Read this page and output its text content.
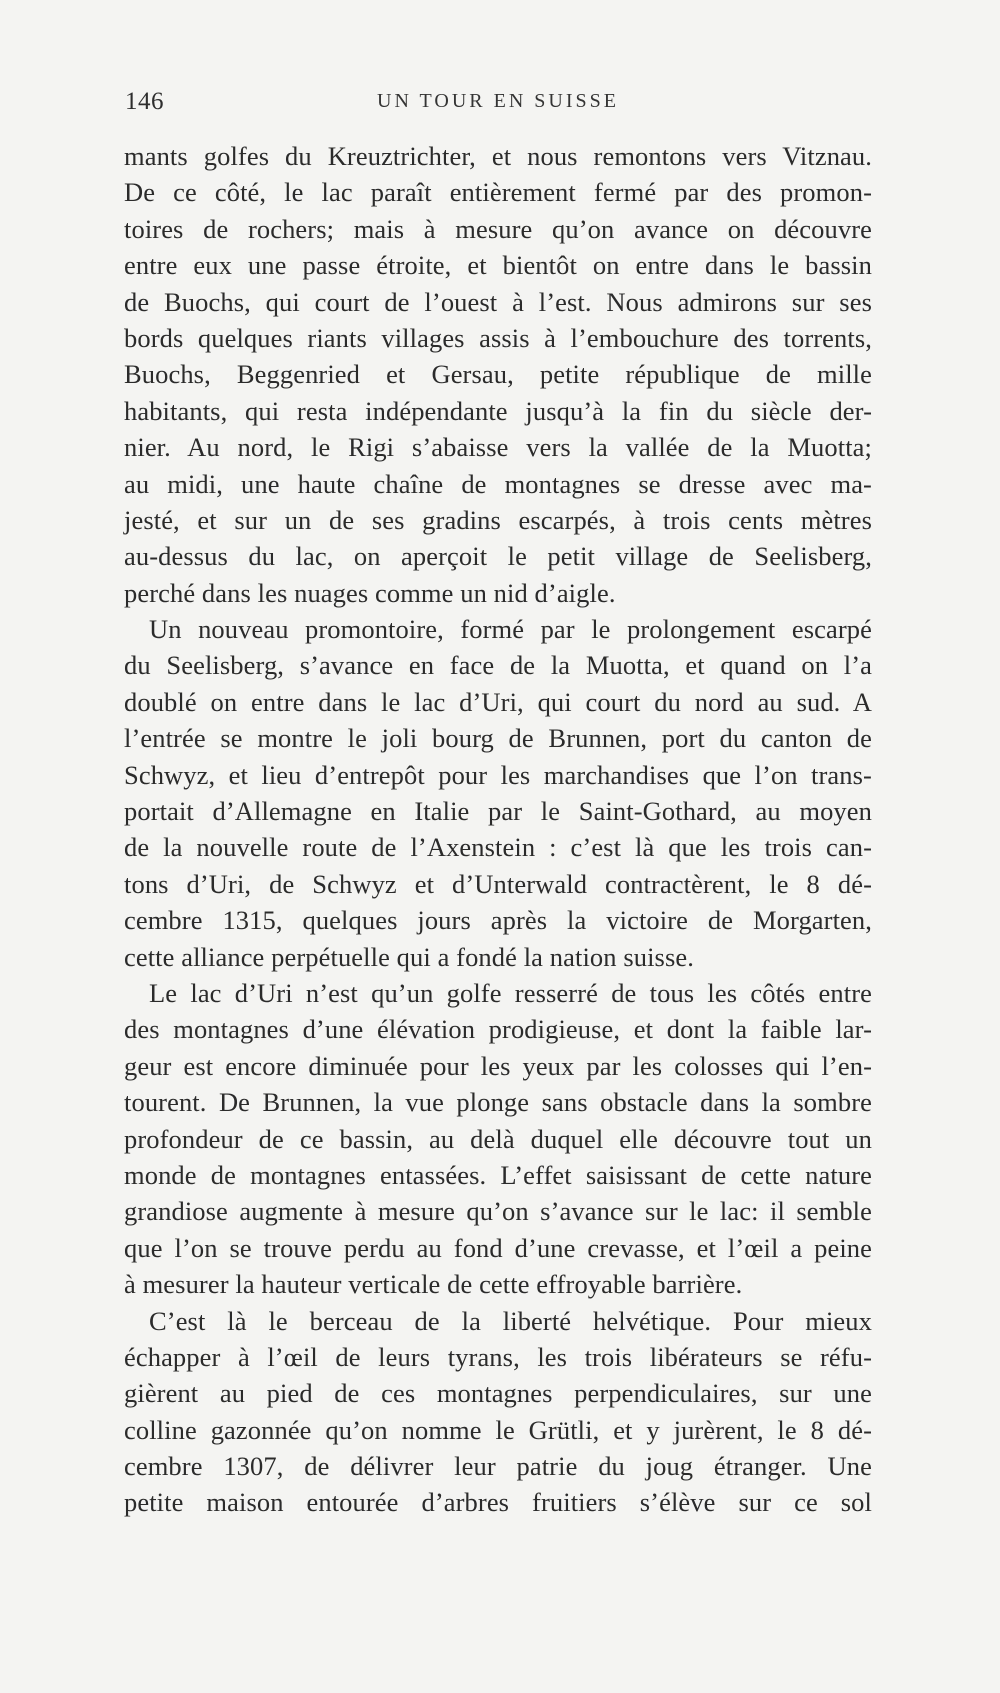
146	UN TOUR EN SUISSE
mants golfes du Kreuztrichter, et nous remontons vers Vitznau.
De ce côté, le lac paraît entièrement fermé par des promon-
toires de rochers; mais à mesure qu’on avance on découvre
entre eux une passe étroite, et bientôt on entre dans le bassin
de Buochs, qui court de l’ouest à l’est. Nous admirons sur ses
bords quelques riants villages assis à l’embouchure des torrents,
Buochs, Beggenried et Gersau, petite république de mille
habitants, qui resta indépendante jusqu’à la fin du siècle der-
nier. Au nord, le Rigi s’abaisse vers la vallée de la Muotta;
au midi, une haute chaîne de montagnes se dresse avec ma-
jesté, et sur un de ses gradins escarpés, à trois cents mètres
au-dessus du lac, on aperçoit le petit village de Seelisberg,
perché dans les nuages comme un nid d’aigle.
Un nouveau promontoire, formé par le prolongement escarpé
du Seelisberg, s’avance en face de la Muotta, et quand on l’a
doublé on entre dans le lac d’Uri, qui court du nord au sud. A
l’entrée se montre le joli bourg de Brunnen, port du canton de
Schwyz, et lieu d’entrepôt pour les marchandises que l’on trans-
portait d’Allemagne en Italie par le Saint-Gothard, au moyen
de la nouvelle route de l’Axenstein : c’est là que les trois can-
tons d’Uri, de Schwyz et d’Unterwald contractèrent, le 8 dé-
cembre 1315, quelques jours après la victoire de Morgarten,
cette alliance perpétuelle qui a fondé la nation suisse.
Le lac d’Uri n’est qu’un golfe resserré de tous les côtés entre
des montagnes d’une élévation prodigieuse, et dont la faible lar-
geur est encore diminuée pour les yeux par les colosses qui l’en-
tourent. De Brunnen, la vue plonge sans obstacle dans la sombre
profondeur de ce bassin, au delà duquel elle découvre tout un
monde de montagnes entassées. L’effet saisissant de cette nature
grandiose augmente à mesure qu’on s’avance sur le lac: il semble
que l’on se trouve perdu au fond d’une crevasse, et l’œil a peine
à mesurer la hauteur verticale de cette effroyable barrière.
C’est là le berceau de la liberté helvétique. Pour mieux
échapper à l’œil de leurs tyrans, les trois libérateurs se réfu-
gièrent au pied de ces montagnes perpendiculaires, sur une
colline gazonnée qu’on nomme le Grütli, et y jurèrent, le 8 dé-
cembre 1307, de délivrer leur patrie du joug étranger. Une
petite maison entourée d’arbres fruitiers s’élève sur ce sol
